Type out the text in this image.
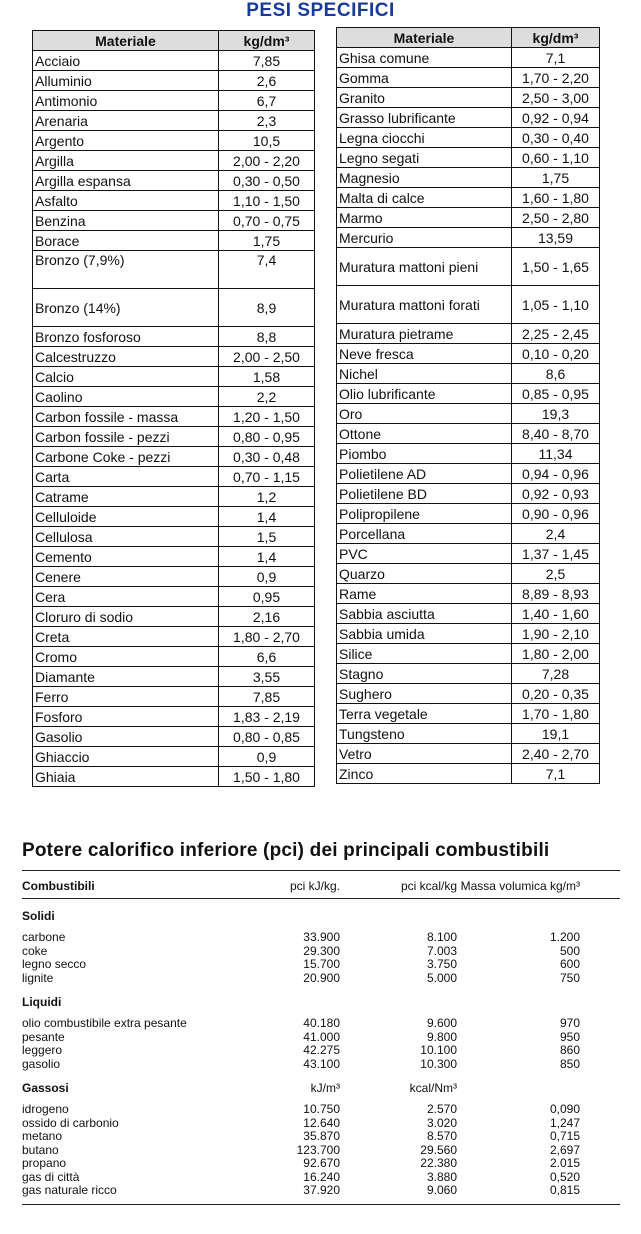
PESI SPECIFICI
Materiale	kg/dm³
Acciaio	7,85
Alluminio	2,6
Antimonio	6,7
Arenaria	2,3
Argento	10,5
Argilla	2,00 - 2,20
Argilla espansa	0,30 - 0,50
Asfalto	1,10 - 1,50
Benzina	0,70 - 0,75
Borace	1,75
Bronzo (7,9%)	7,4
Bronzo (14%)	8,9
Bronzo fosforoso	8,8
Calcestruzzo	2,00 - 2,50
Calcio	1,58
Caolino	2,2
Carbon fossile - massa	1,20 - 1,50
Carbon fossile - pezzi	0,80 - 0,95
Carbone Coke - pezzi	0,30 - 0,48
Carta	0,70 - 1,15
Catrame	1,2
Celluloide	1,4
Cellulosa	1,5
Cemento	1,4
Cenere	0,9
Cera	0,95
Cloruro di sodio	2,16
Creta	1,80 - 2,70
Cromo	6,6
Diamante	3,55
Ferro	7,85
Fosforo	1,83 - 2,19
Gasolio	0,80 - 0,85
Ghiaccio	0,9
Ghiaia	1,50 - 1,80
Materiale	kg/dm³
Ghisa comune	7,1
Gomma	1,70 - 2,20
Granito	2,50 - 3,00
Grasso lubrificante	0,92 - 0,94
Legna ciocchi	0,30 - 0,40
Legno segati	0,60 - 1,10
Magnesio	1,75
Malta di calce	1,60 - 1,80
Marmo	2,50 - 2,80
Mercurio	13,59
Muratura mattoni pieni	1,50 - 1,65
Muratura mattoni forati	1,05 - 1,10
Muratura pietrame	2,25 - 2,45
Neve fresca	0,10 - 0,20
Nichel	8,6
Olio lubrificante	0,85 - 0,95
Oro	19,3
Ottone	8,40 - 8,70
Piombo	11,34
Polietilene AD	0,94 - 0,96
Polietilene BD	0,92 - 0,93
Polipropilene	0,90 - 0,96
Porcellana	2,4
PVC	1,37 - 1,45
Quarzo	2,5
Rame	8,89 - 8,93
Sabbia asciutta	1,40 - 1,60
Sabbia umida	1,90 - 2,10
Silice	1,80 - 2,00
Stagno	7,28
Sughero	0,20 - 0,35
Terra vegetale	1,70 - 1,80
Tungsteno	19,1
Vetro	2,40 - 2,70
Zinco	7,1
Potere calorifico inferiore (pci) dei principali combustibili
Combustibili	pci kJ/kg.	pci kcal/kg Massa volumica kg/m³
Solidi
carbone	33.900	8.100	1.200
coke	29.300	7.003	500
legno secco	15.700	3.750	600
lignite	20.900	5.000	750
Liquidi
olio combustibile extra pesante	40.180	9.600	970
pesante	41.000	9.800	950
leggero	42.275	10.100	860
gasolio	43.100	10.300	850
Gassosi	kJ/m³	kcal/Nm³
idrogeno	10.750	2.570	0,090
ossido di carbonio	12.640	3.020	1,247
metano	35.870	8.570	0,715
butano	123.700	29.560	2,697
propano	92.670	22.380	2.015
gas di città	16.240	3.880	0,520
gas naturale ricco	37.920	9.060	0,815
